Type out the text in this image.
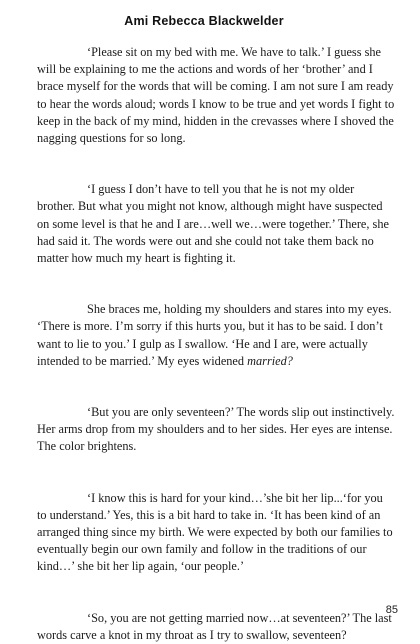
Ami Rebecca Blackwelder

‘Please sit on my bed with me. We have to talk.’ I guess she will be explaining to me the actions and words of her ‘brother’ and I brace myself for the words that will be coming. I am not sure I am ready to hear the words aloud; words I know to be true and yet words I fight to keep in the back of my mind, hidden in the crevasses where I shoved the nagging questions for so long.

‘I guess I don’t have to tell you that he is not my older brother. But what you might not know, although might have suspected on some level is that he and I are…well we…were together.’ There, she had said it. The words were out and she could not take them back no matter how much my heart is fighting it.

She braces me, holding my shoulders and stares into my eyes. ‘There is more. I’m sorry if this hurts you, but it has to be said. I don’t want to lie to you.’ I gulp as I swallow. ‘He and I are, were actually intended to be married.’ My eyes widened married?

‘But you are only seventeen?’ The words slip out instinctively. Her arms drop from my shoulders and to her sides. Her eyes are intense. The color brightens.

‘I know this is hard for your kind…’she bit her lip...‘for you to understand.’ Yes, this is a bit hard to take in. ‘It has been kind of an arranged thing since my birth. We were expected by both our families to eventually begin our own family and follow in the traditions of our kind…’ she bit her lip again, ‘our people.’

‘So, you are not getting married now…at seventeen?’ The last words carve a knot in my throat as I try to swallow, seventeen?

85
